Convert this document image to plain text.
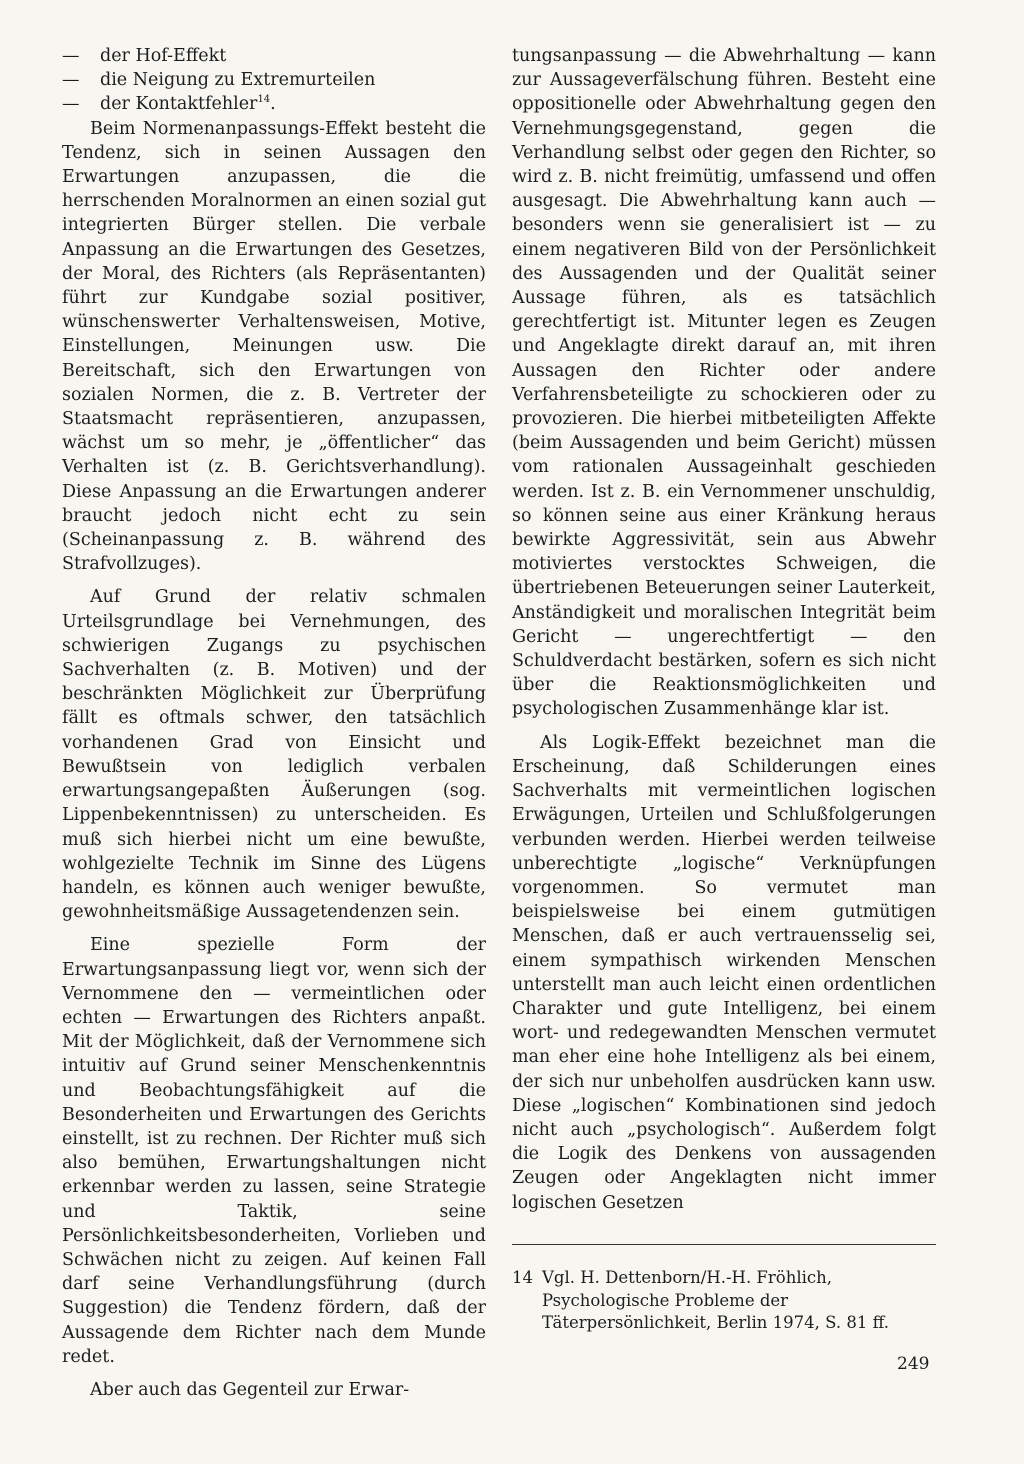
— der Hof-Effekt
— die Neigung zu Extremurteilen
— der Kontaktfehler$^{14}$.

Beim Normenanpassungs-Effekt besteht die Tendenz, sich in seinen Aussagen den Erwartungen anzupassen, die die herrschenden Moralnormen an einen sozial gut integrierten Bürger stellen. Die verbale Anpassung an die Erwartungen des Gesetzes, der Moral, des Richters (als Repräsentanten) führt zur Kundgabe sozial positiver, wünschenswerter Verhaltensweisen, Motive, Einstellungen, Meinungen usw. Die Bereitschaft, sich den Erwartungen von sozialen Normen, die z. B. Vertreter der Staatsmacht repräsentieren, anzupassen, wächst um so mehr, je „öffentlicher“ das Verhalten ist (z. B. Gerichtsverhandlung). Diese Anpassung an die Erwartungen anderer braucht jedoch nicht echt zu sein (Scheinanpassung z. B. während des Strafvollzuges).

Auf Grund der relativ schmalen Urteilsgrundlage bei Vernehmungen, des schwierigen Zugangs zu psychischen Sachverhalten (z. B. Motiven) und der beschränkten Möglichkeit zur Überprüfung fällt es oftmals schwer, den tatsächlich vorhandenen Grad von Einsicht und Bewußtsein von lediglich verbalen erwartungsangepaßten Äußerungen (sog. Lippenbekenntnissen) zu unterscheiden. Es muß sich hierbei nicht um eine bewußte, wohlgezielte Technik im Sinne des Lügens handeln, es können auch weniger bewußte, gewohnheitsmäßige Aussagetendenzen sein.

Eine spezielle Form der Erwartungsanpassung liegt vor, wenn sich der Vernommene den — vermeintlichen oder echten — Erwartungen des Richters anpaßt. Mit der Möglichkeit, daß der Vernommene sich intuitiv auf Grund seiner Menschenkenntnis und Beobachtungsfähigkeit auf die Besonderheiten und Erwartungen des Gerichts einstellt, ist zu rechnen. Der Richter muß sich also bemühen, Erwartungshaltungen nicht erkennbar werden zu lassen, seine Strategie und Taktik, seine Persönlichkeitsbesonderheiten, Vorlieben und Schwächen nicht zu zeigen. Auf keinen Fall darf seine Verhandlungsführung (durch Suggestion) die Tendenz fördern, daß der Aussagende dem Richter nach dem Munde redet.

Aber auch das Gegenteil zur Erwar-

tungsanpassung — die Abwehrhaltung — kann zur Aussageverfälschung führen. Besteht eine oppositionelle oder Abwehrhaltung gegen den Vernehmungsgegenstand, gegen die Verhandlung selbst oder gegen den Richter, so wird z. B. nicht freimütig, umfassend und offen ausgesagt. Die Abwehrhaltung kann auch — besonders wenn sie generalisiert ist — zu einem negativeren Bild von der Persönlichkeit des Aussagenden und der Qualität seiner Aussage führen, als es tatsächlich gerechtfertigt ist. Mitunter legen es Zeugen und Angeklagte direkt darauf an, mit ihren Aussagen den Richter oder andere Verfahrensbeteiligte zu schockieren oder zu provozieren. Die hierbei mitbeteiligten Affekte (beim Aussagenden und beim Gericht) müssen vom rationalen Aussageinhalt geschieden werden. Ist z. B. ein Vernommener unschuldig, so können seine aus einer Kränkung heraus bewirkte Aggressivität, sein aus Abwehr motiviertes verstocktes Schweigen, die übertriebenen Beteuerungen seiner Lauterkeit, Anständigkeit und moralischen Integrität beim Gericht — ungerechtfertigt — den Schuldverdacht bestärken, sofern es sich nicht über die Reaktionsmöglichkeiten und psychologischen Zusammenhänge klar ist.

Als Logik-Effekt bezeichnet man die Erscheinung, daß Schilderungen eines Sachverhalts mit vermeintlichen logischen Erwägungen, Urteilen und Schlußfolgerungen verbunden werden. Hierbei werden teilweise unberechtigte „logische“ Verknüpfungen vorgenommen. So vermutet man beispielsweise bei einem gutmütigen Menschen, daß er auch vertrauensselig sei, einem sympathisch wirkenden Menschen unterstellt man auch leicht einen ordentlichen Charakter und gute Intelligenz, bei einem wort- und redegewandten Menschen vermutet man eher eine hohe Intelligenz als bei einem, der sich nur unbeholfen ausdrücken kann usw. Diese „logischen“ Kombinationen sind jedoch nicht auch „psychologisch“. Außerdem folgt die Logik des Denkens von aussagenden Zeugen oder Angeklagten nicht immer logischen Gesetzen

14 Vgl. H. Dettenborn/H.-H. Fröhlich, Psychologische Probleme der Täterpersönlichkeit, Berlin 1974, S. 81 ff.
249
